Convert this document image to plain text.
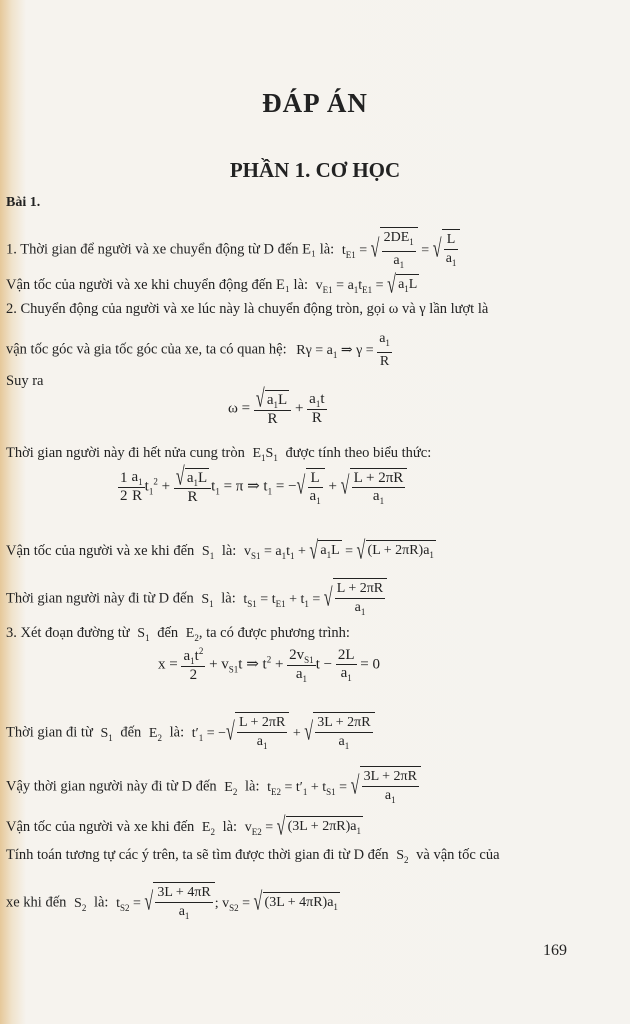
ĐÁP ÁN
PHẦN 1. CƠ HỌC
Bài 1.
1. Thời gian để người và xe chuyển động từ D đến E₁ là: $t_{E1}$ = √ $\frac{2DE_1}{a_1}$ = √ $\frac{L}{a_1}$
Vận tốc của người và xe khi chuyển động đến E₁ là: $v_{E1} = a_1t_{E1}$ = √ $a_1L$
2. Chuyển động của người và xe lúc này là chuyển động tròn, gọi ω và γ lần lượt là
vận tốc góc và gia tốc góc của xe, ta có quan hệ: $R\gamma = a_1$ ⇒ $\gamma = \frac{a_1}{R}$
Suy ra
ω = √ $\frac{a_1L}{R} + \frac{a_1t}{R}$
Thời gian người này đi hết nửa cung tròn $E_1S_1$ được tính theo biểu thức:
$\frac{1}{2} \frac{a_1}{R} t_1^2$ + √ $\frac{a_1L}{R} t_1 = \pi$ ⇒ $t_1$ = − √ $\frac{L}{a_1}$ + √ $\frac{L + 2\pi R}{a_1}$
Vận tốc của người và xe khi đến $S_1$ là: $v_{S1} = a_1t_1$ + √ $a_1L$ = √ $(L + 2\pi R)a_1$
Thời gian người này đi từ D đến $S_1$ là: $t_{S1} = t_{E1} + t_1$ = √ $\frac{L + 2\pi R}{a_1}$
3. Xét đoạn đường từ $S_1$ đến $E_2$, ta có được phương trình:
$x = \frac{a_1t^2}{2} + v_{S1}t$ ⇒ $t^2 + \frac{2v_{S1}}{a_1}$ $t - \frac{2L}{a_1} = 0$
Thời gian đi từ $S_1$ đến $E_2$ là: $t'_1$ = − √ $\frac{L + 2\pi R}{a_1}$ + √ $\frac{3L + 2\pi R}{a_1}$
Vậy thời gian người này đi từ D đến $E_2$ là: $t_{E2} = t'_1 + t_{S1}$ = √ $\frac{3L + 2\pi R}{a_1}$
Vận tốc của người và xe khi đến $E_2$ là: $v_{E2}$ = √ $(3L + 2\pi R)a_1$
Tính toán tương tự các ý trên, ta sẽ tìm được thời gian đi từ D đến $S_2$ và vận tốc của
xe khi đến $S_2$ là: $t_{S2}$ = √ $\frac{3L + 4\pi R}{a_1}$ ; $v_{S2}$ = √ $(3L + 4\pi R)a_1$
169
